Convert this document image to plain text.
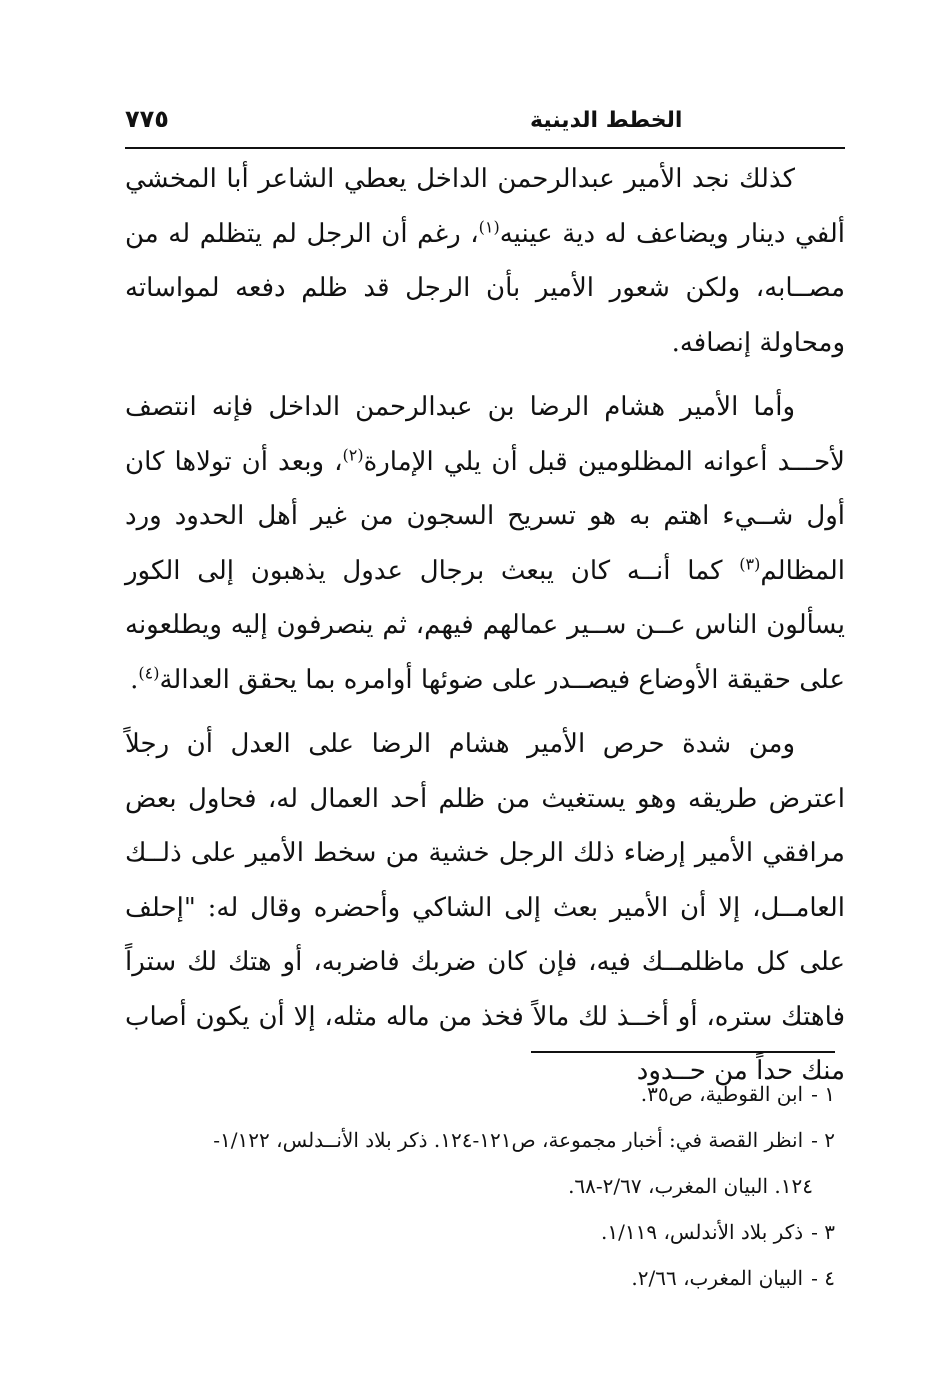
٧٧٥	الخطط الدينية

كذلك نجد الأمير عبدالرحمن الداخل يعطي الشاعر أبا المخشي ألفي دينار ويضاعف له دية عينيه$^{(١)}$، رغم أن الرجل لم يتظلم له من مصــابه، ولكن شعور الأمير بأن الرجل قد ظلم دفعه لمواساته ومحاولة إنصافه.

وأما الأمير هشام الرضا بن عبدالرحمن الداخل فإنه انتصف لأحـــد أعوانه المظلومين قبل أن يلي الإمارة$^{(٢)}$، وبعد أن تولاها كان أول شــيء اهتم به هو تسريح السجون من غير أهل الحدود ورد المظالم$^{(٣)}$ كما أنــه كان يبعث برجال عدول يذهبون إلى الكور يسألون الناس عــن ســير عمالهم فيهم، ثم ينصرفون إليه ويطلعونه على حقيقة الأوضاع فيصــدر على ضوئها أوامره بما يحقق العدالة$^{(٤)}$.

ومن شدة حرص الأمير هشام الرضا على العدل أن رجلاً اعترض طريقه وهو يستغيث من ظلم أحد العمال له، فحاول بعض مرافقي الأمير إرضاء ذلك الرجل خشية من سخط الأمير على ذلــك العامــل، إلا أن الأمير بعث إلى الشاكي وأحضره وقال له: "إحلف على كل ماظلمــك فيه، فإن كان ضربك فاضربه، أو هتك لك ستراً فاهتك ستره، أو أخــذ لك مالاً فخذ من ماله مثله، إلا أن يكون أصاب منك حداً من حــدود

١ -ابن القوطية، ص٣٥.

٢ -انظر القصة في: أخبار مجموعة، ص١٢١-١٢٤. ذكر بلاد الأنــدلس، ١/١٢٢-
١٢٤. البيان المغرب، ٢/٦٧-٦٨.

٣ -ذكر بلاد الأندلس، ١/١١٩.

٤ -البيان المغرب، ٢/٦٦.
